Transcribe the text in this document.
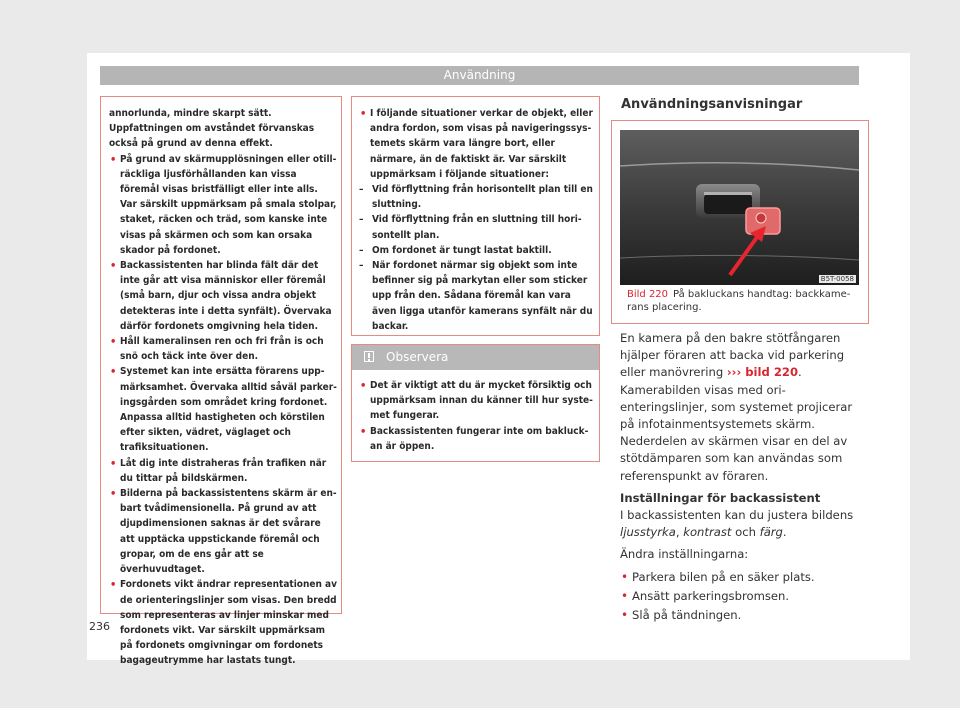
Användning

annorlunda, mindre skarpt sätt. Uppfattningen om avståndet förvanskas också på grund av denna effekt.

• På grund av skärmupplösningen eller otillräckliga ljusförhållanden kan vissa föremål visas bristfälligt eller inte alls. Var särskilt uppmärksam på smala stolpar, staket, räcken och träd, som kanske inte visas på skärmen och som kan orsaka skador på fordonet.

• Backassistenten har blinda fält där det inte går att visa människor eller föremål (små barn, djur och vissa andra objekt detekteras inte i detta synfält). Övervaka därför fordonets omgivning hela tiden.

• Håll kameralinsen ren och fri från is och snö och täck inte över den.

• Systemet kan inte ersätta förarens uppmärksamhet. Övervaka alltid såväl parkeringsgården som området kring fordonet. Anpassa alltid hastigheten och körstilen efter sikten, vädret, väglaget och trafiksituationen.

• Låt dig inte distraheras från trafiken när du tittar på bildskärmen.

• Bilderna på backassistentens skärm är enbart tvådimensionella. På grund av att djupdimensionen saknas är det svårare att upptäcka uppstickande föremål och gropar, om de ens går att se överhuvudtaget.

• Fordonets vikt ändrar representationen av de orienteringslinjer som visas. Den bredd som representeras av linjer minskar med fordonets vikt. Var särskilt uppmärksam på fordonets omgivningar om fordonets bagageutrymme har lastats tungt.

• I följande situationer verkar de objekt, eller andra fordon, som visas på navigeringssystemets skärm vara längre bort, eller närmare, än de faktiskt är. Var särskilt uppmärksam i följande situationer:

– Vid förflyttning från horisontellt plan till en sluttning.

– Vid förflyttning från en sluttning till horisontellt plan.

– Om fordonet är tungt lastat baktill.

– När fordonet närmar sig objekt som inte befinner sig på markytan eller som sticker upp från den. Sådana föremål kan vara även ligga utanför kamerans synfält när du backar.

Observera

• Det är viktigt att du är mycket försiktig och uppmärksam innan du känner till hur systemet fungerar.

• Backassistenten fungerar inte om bakluckan är öppen.

Användningsanvisningar
B5T-0058
Bild 220 På bakluckans handtag: backkamerans placering.

En kamera på den bakre stötfångaren hjälper föraren att backa vid parkering eller manövrering ››› bild 220. Kamerabilden visas med orienteringslinjer, som systemet projicerar på infotainmentsystemets skärm. Nederdelen av skärmen visar en del av stötdämparen som kan användas som referenspunkt av föraren.

Inställningar för backassistent

I backassistenten kan du justera bildens ljusstyrka, kontrast och färg.

Ändra inställningarna:

• Parkera bilen på en säker plats.

• Ansätt parkeringsbromsen.

• Slå på tändningen.

236
